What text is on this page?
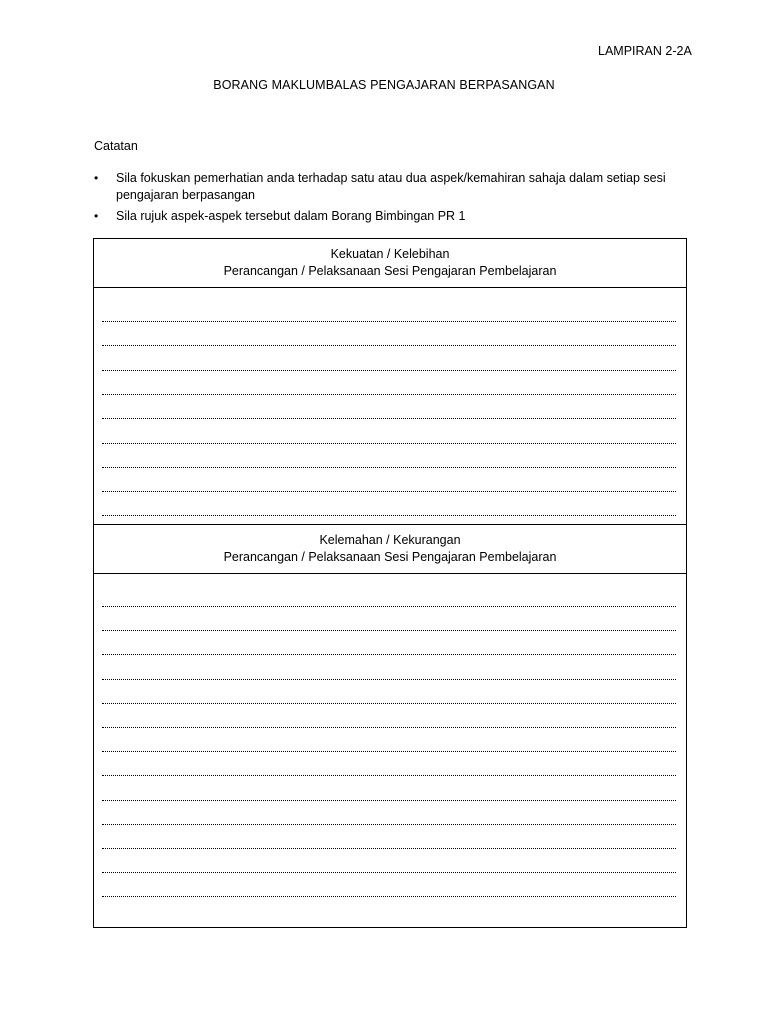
LAMPIRAN 2-2A
BORANG MAKLUMBALAS PENGAJARAN BERPASANGAN
Catatan
• Sila fokuskan pemerhatian anda terhadap satu atau dua aspek/kemahiran sahaja dalam setiap sesi pengajaran berpasangan
• Sila rujuk aspek-aspek tersebut dalam Borang Bimbingan PR 1
Kekuatan / Kelebihan
Perancangan / Pelaksanaan Sesi Pengajaran Pembelajaran
Kelemahan / Kekurangan
Perancangan / Pelaksanaan Sesi Pengajaran Pembelajaran
